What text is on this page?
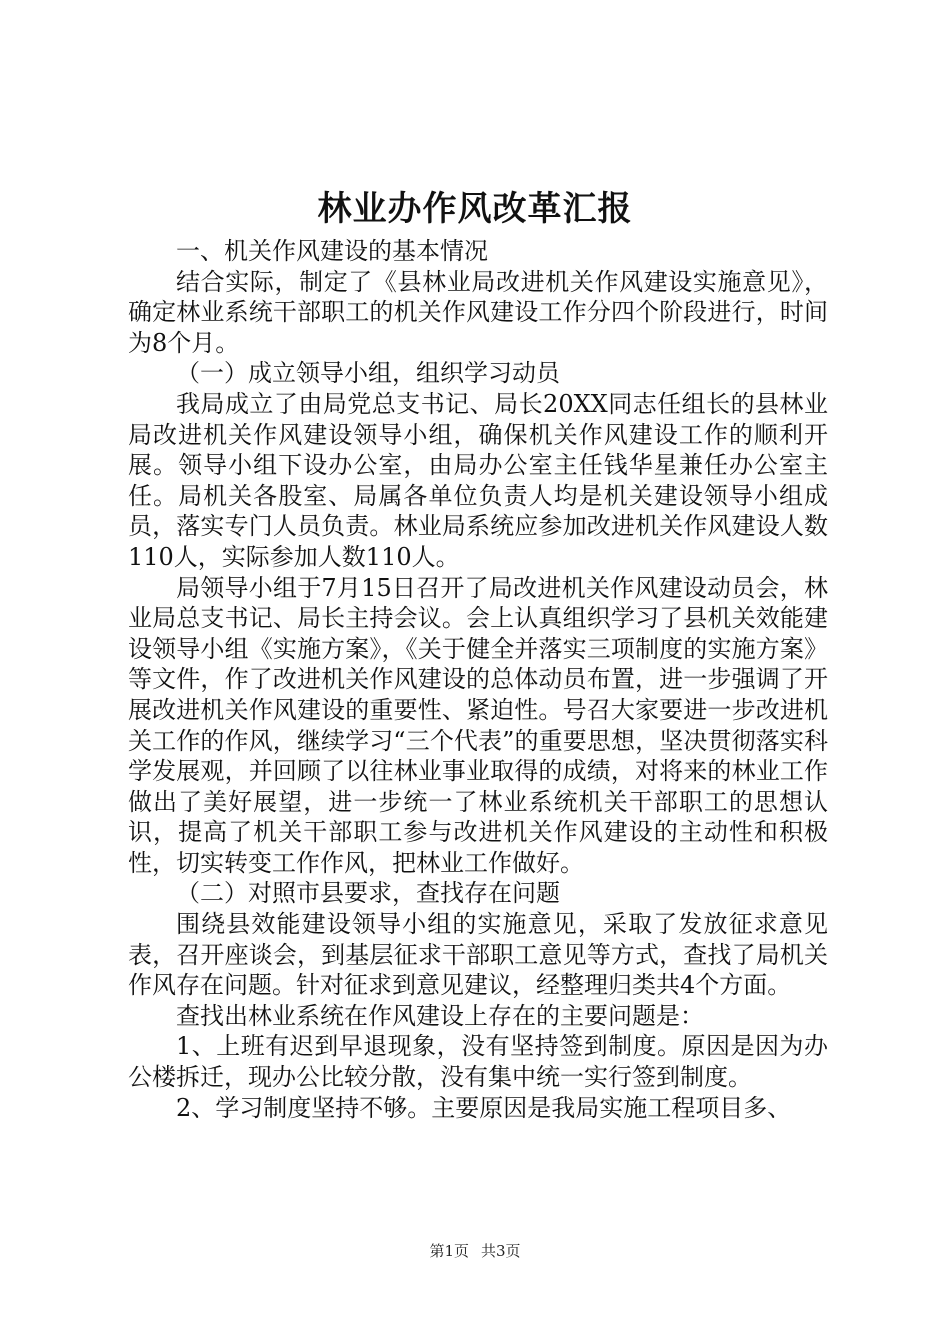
林业办作风改革汇报

一、机关作风建设的基本情况

结合实际，制定了《县林业局改进机关作风建设实施意见》，确定林业系统干部职工的机关作风建设工作分四个阶段进行，时间为8个月。

（一）成立领导小组，组织学习动员

我局成立了由局党总支书记、局长20XX同志任组长的县林业局改进机关作风建设领导小组，确保机关作风建设工作的顺利开展。领导小组下设办公室，由局办公室主任钱华星兼任办公室主任。局机关各股室、局属各单位负责人均是机关建设领导小组成员，落实专门人员负责。林业局系统应参加改进机关作风建设人数110人，实际参加人数110人。

局领导小组于7月15日召开了局改进机关作风建设动员会，林业局总支书记、局长主持会议。会上认真组织学习了县机关效能建设领导小组《实施方案》，《关于健全并落实三项制度的实施方案》等文件，作了改进机关作风建设的总体动员布置，进一步强调了开展改进机关作风建设的重要性、紧迫性。号召大家要进一步改进机关工作的作风，继续学习“三个代表”的重要思想，坚决贯彻落实科学发展观，并回顾了以往林业事业取得的成绩，对将来的林业工作做出了美好展望，进一步统一了林业系统机关干部职工的思想认识，提高了机关干部职工参与改进机关作风建设的主动性和积极性，切实转变工作作风，把林业工作做好。

（二）对照市县要求，查找存在问题

围绕县效能建设领导小组的实施意见，采取了发放征求意见表，召开座谈会，到基层征求干部职工意见等方式，查找了局机关作风存在问题。针对征求到意见建议，经整理归类共4个方面。

查找出林业系统在作风建设上存在的主要问题是：

1、上班有迟到早退现象，没有坚持签到制度。原因是因为办公楼拆迁，现办公比较分散，没有集中统一实行签到制度。

2、学习制度坚持不够。主要原因是我局实施工程项目多、

第1页 共3页
